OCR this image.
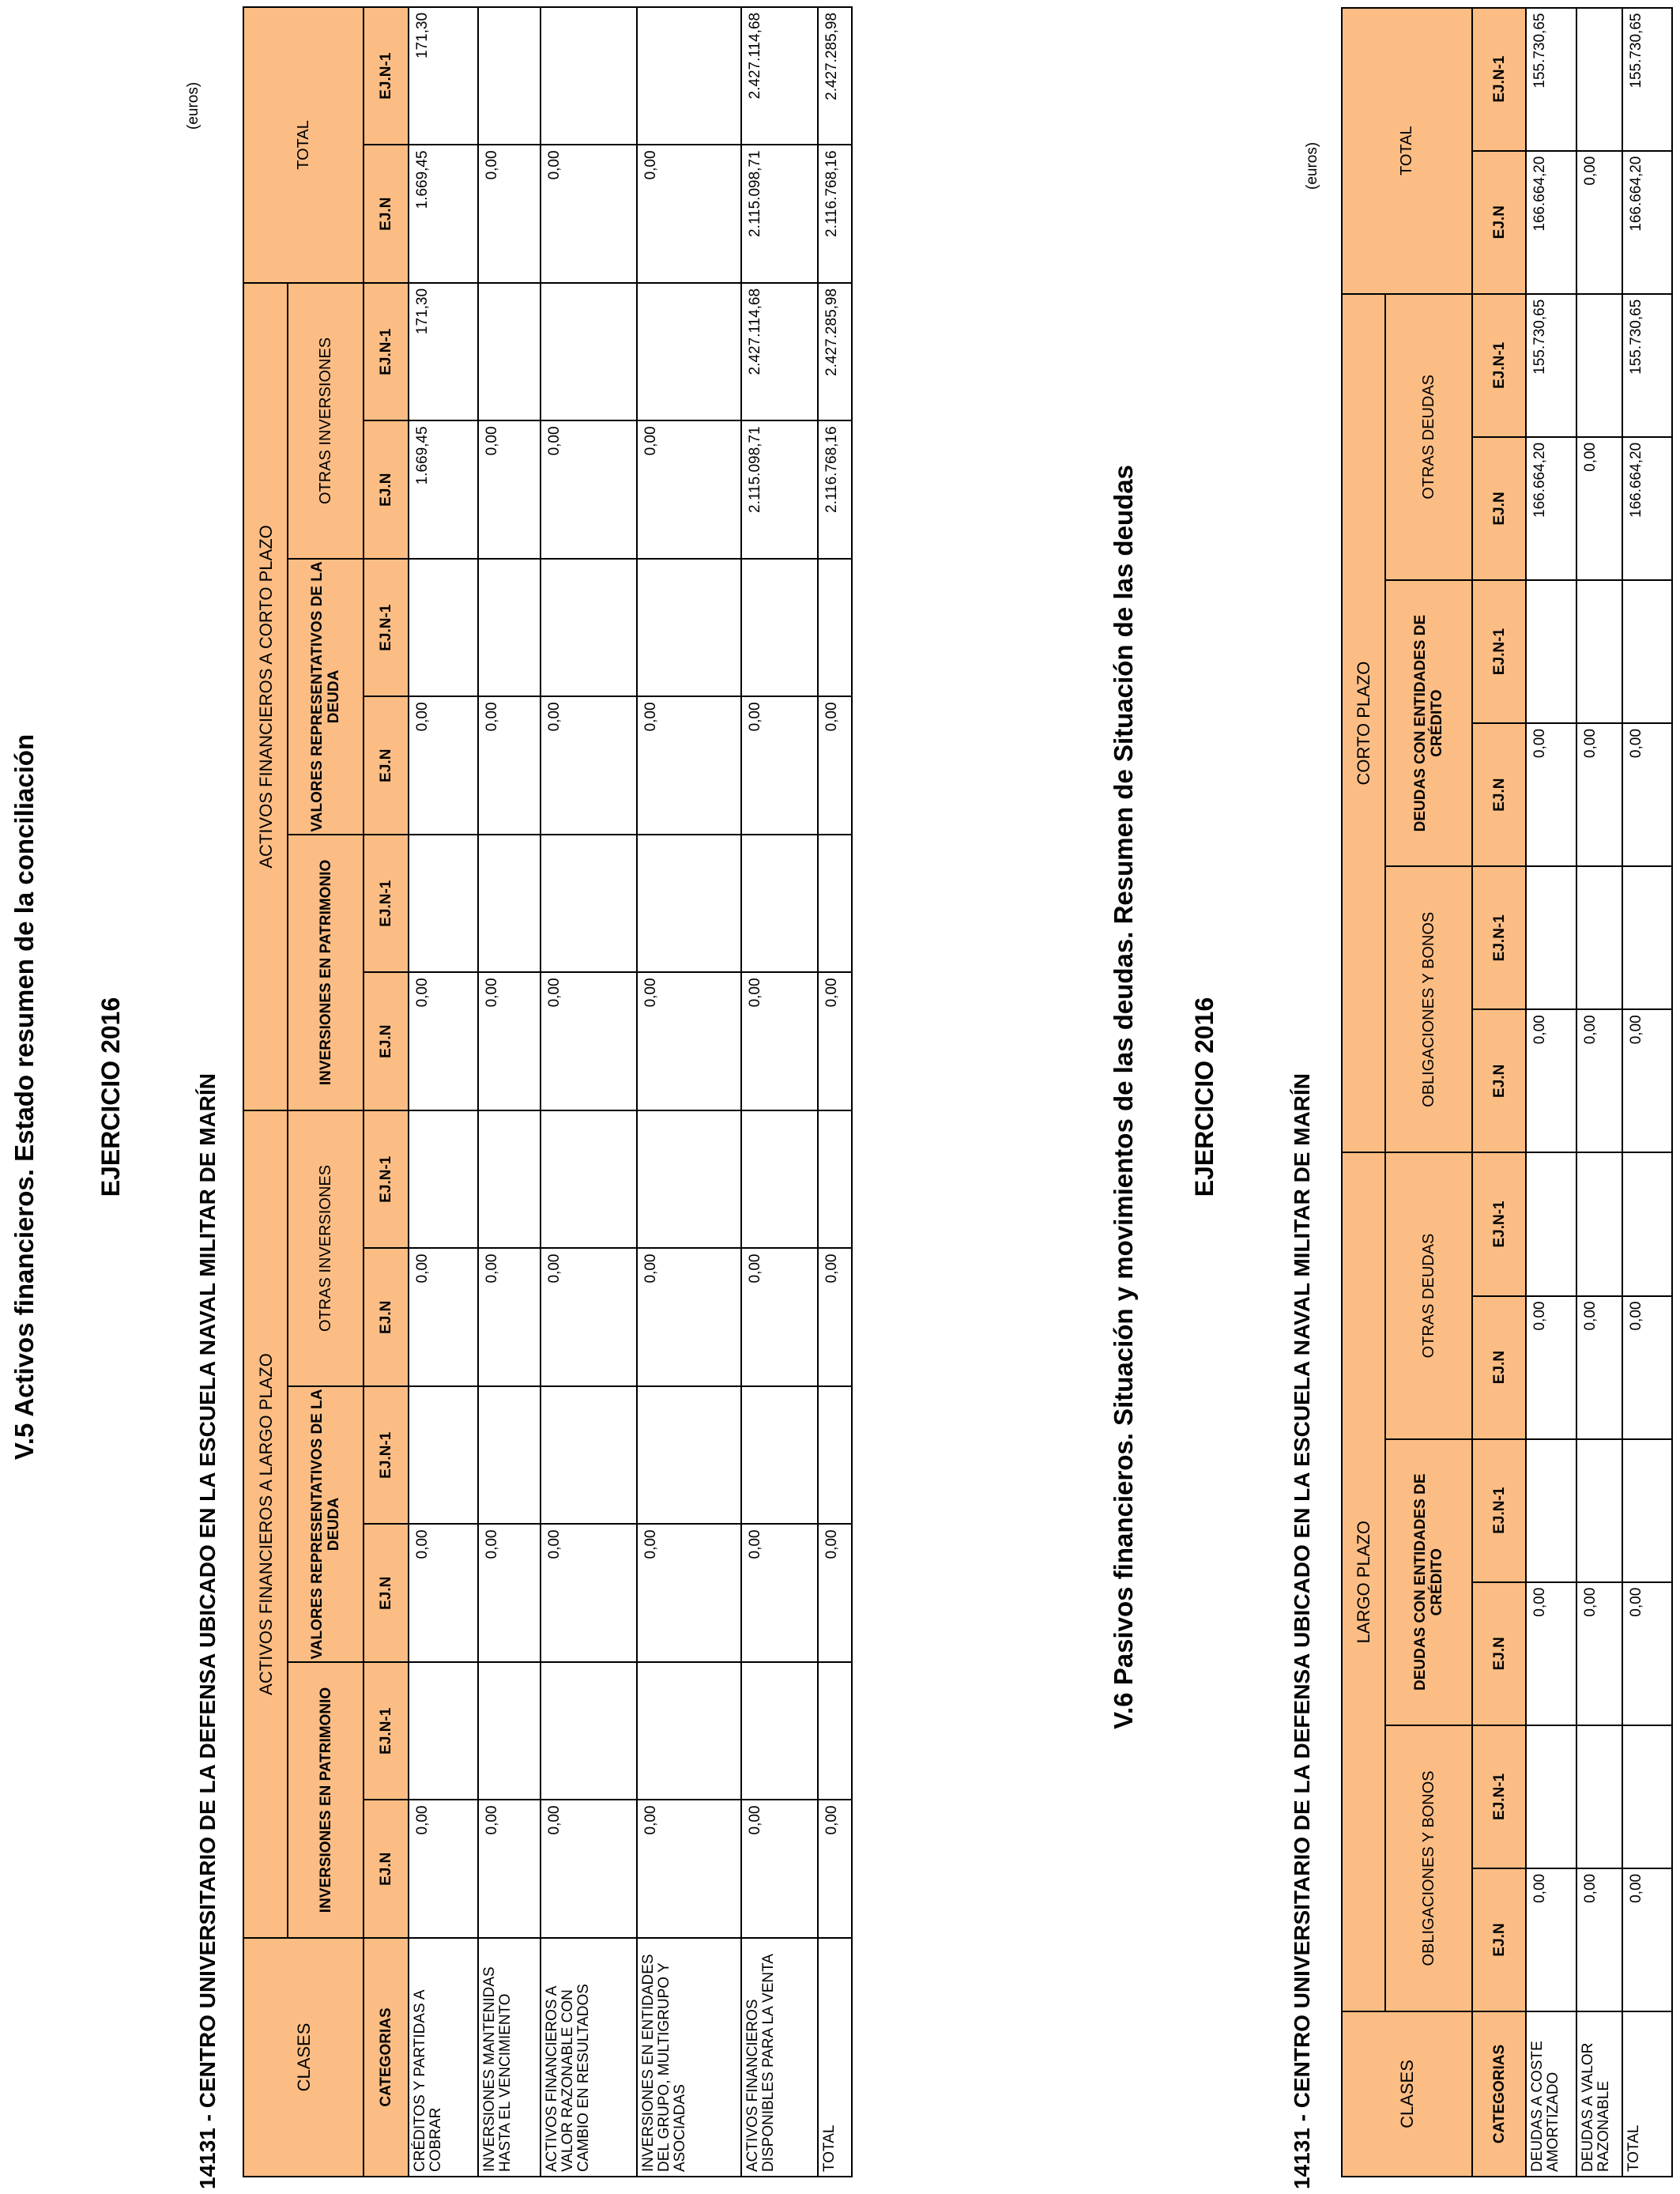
V.5 Activos financieros. Estado resumen de la conciliación EJERCICIO 2016	14131 - CENTRO UNIVERSITARIO DE LA DEFENSA UBICADO EN LA ESCUELA NAVAL MILITAR DE MARÍN
(euros)
CLASES	ACTIVOS FINANCIEROS A LARGO PLAZO						ACTIVOS FINANCIEROS A CORTO PLAZO						TOTAL	
	INVERSIONES EN PATRIMONIO		VALORES REPRESENTATIVOS DE LA DEUDA		OTRAS INVERSIONES		INVERSIONES EN PATRIMONIO		VALORES REPRESENTATIVOS DE LA DEUDA		OTRAS INVERSIONES			
CATEGORIAS	EJ.N	EJ.N-1	EJ.N	EJ.N-1	EJ.N	EJ.N-1	EJ.N	EJ.N-1	EJ.N	EJ.N-1	EJ.N	EJ.N-1	EJ.N	EJ.N-1
CRÉDITOS Y PARTIDAS A COBRAR	0,00		0,00		0,00		0,00		0,00		1.669,45	171,30	1.669,45	171,30
INVERSIONES MANTENIDAS HASTA EL VENCIMIENTO	0,00		0,00		0,00		0,00		0,00		0,00		0,00	
ACTIVOS FINANCIEROS A VALOR RAZONABLE CON CAMBIO EN RESULTADOS	0,00		0,00		0,00		0,00		0,00		0,00		0,00	
INVERSIONES EN ENTIDADES DEL GRUPO, MULTIGRUPO Y ASOCIADAS	0,00		0,00		0,00		0,00		0,00		0,00		0,00	
ACTIVOS FINANCIEROS DISPONIBLES PARA LA VENTA	0,00		0,00		0,00		0,00		0,00		2.115.098,71	2.427.114,68	2.115.098,71	2.427.114,68
TOTAL	0,00		0,00		0,00		0,00		0,00		2.116.768,16	2.427.285,98	2.116.768,16	2.427.285,98
V.6 Pasivos financieros. Situación y movimientos de las deudas. Resumen de Situación de las deudas EJERCICIO 2016	14131 - CENTRO UNIVERSITARIO DE LA DEFENSA UBICADO EN LA ESCUELA NAVAL MILITAR DE MARÍN
(euros)
CLASES	LARGO PLAZO						CORTO PLAZO						TOTAL	
	OBLIGACIONES Y BONOS		DEUDAS CON ENTIDADES DE CRÉDITO		OTRAS DEUDAS		OBLIGACIONES Y BONOS		DEUDAS CON ENTIDADES DE CRÉDITO		OTRAS DEUDAS			
CATEGORIAS	EJ.N	EJ.N-1	EJ.N	EJ.N-1	EJ.N	EJ.N-1	EJ.N	EJ.N-1	EJ.N	EJ.N-1	EJ.N	EJ.N-1	EJ.N	EJ.N-1
DEUDAS A COSTE AMORTIZADO	0,00		0,00		0,00		0,00		0,00		166.664,20	155.730,65	166.664,20	155.730,65
DEUDAS A VALOR RAZONABLE	0,00		0,00		0,00		0,00		0,00		0,00		0,00	
TOTAL	0,00		0,00		0,00		0,00		0,00		166.664,20	155.730,65	166.664,20	155.730,65
